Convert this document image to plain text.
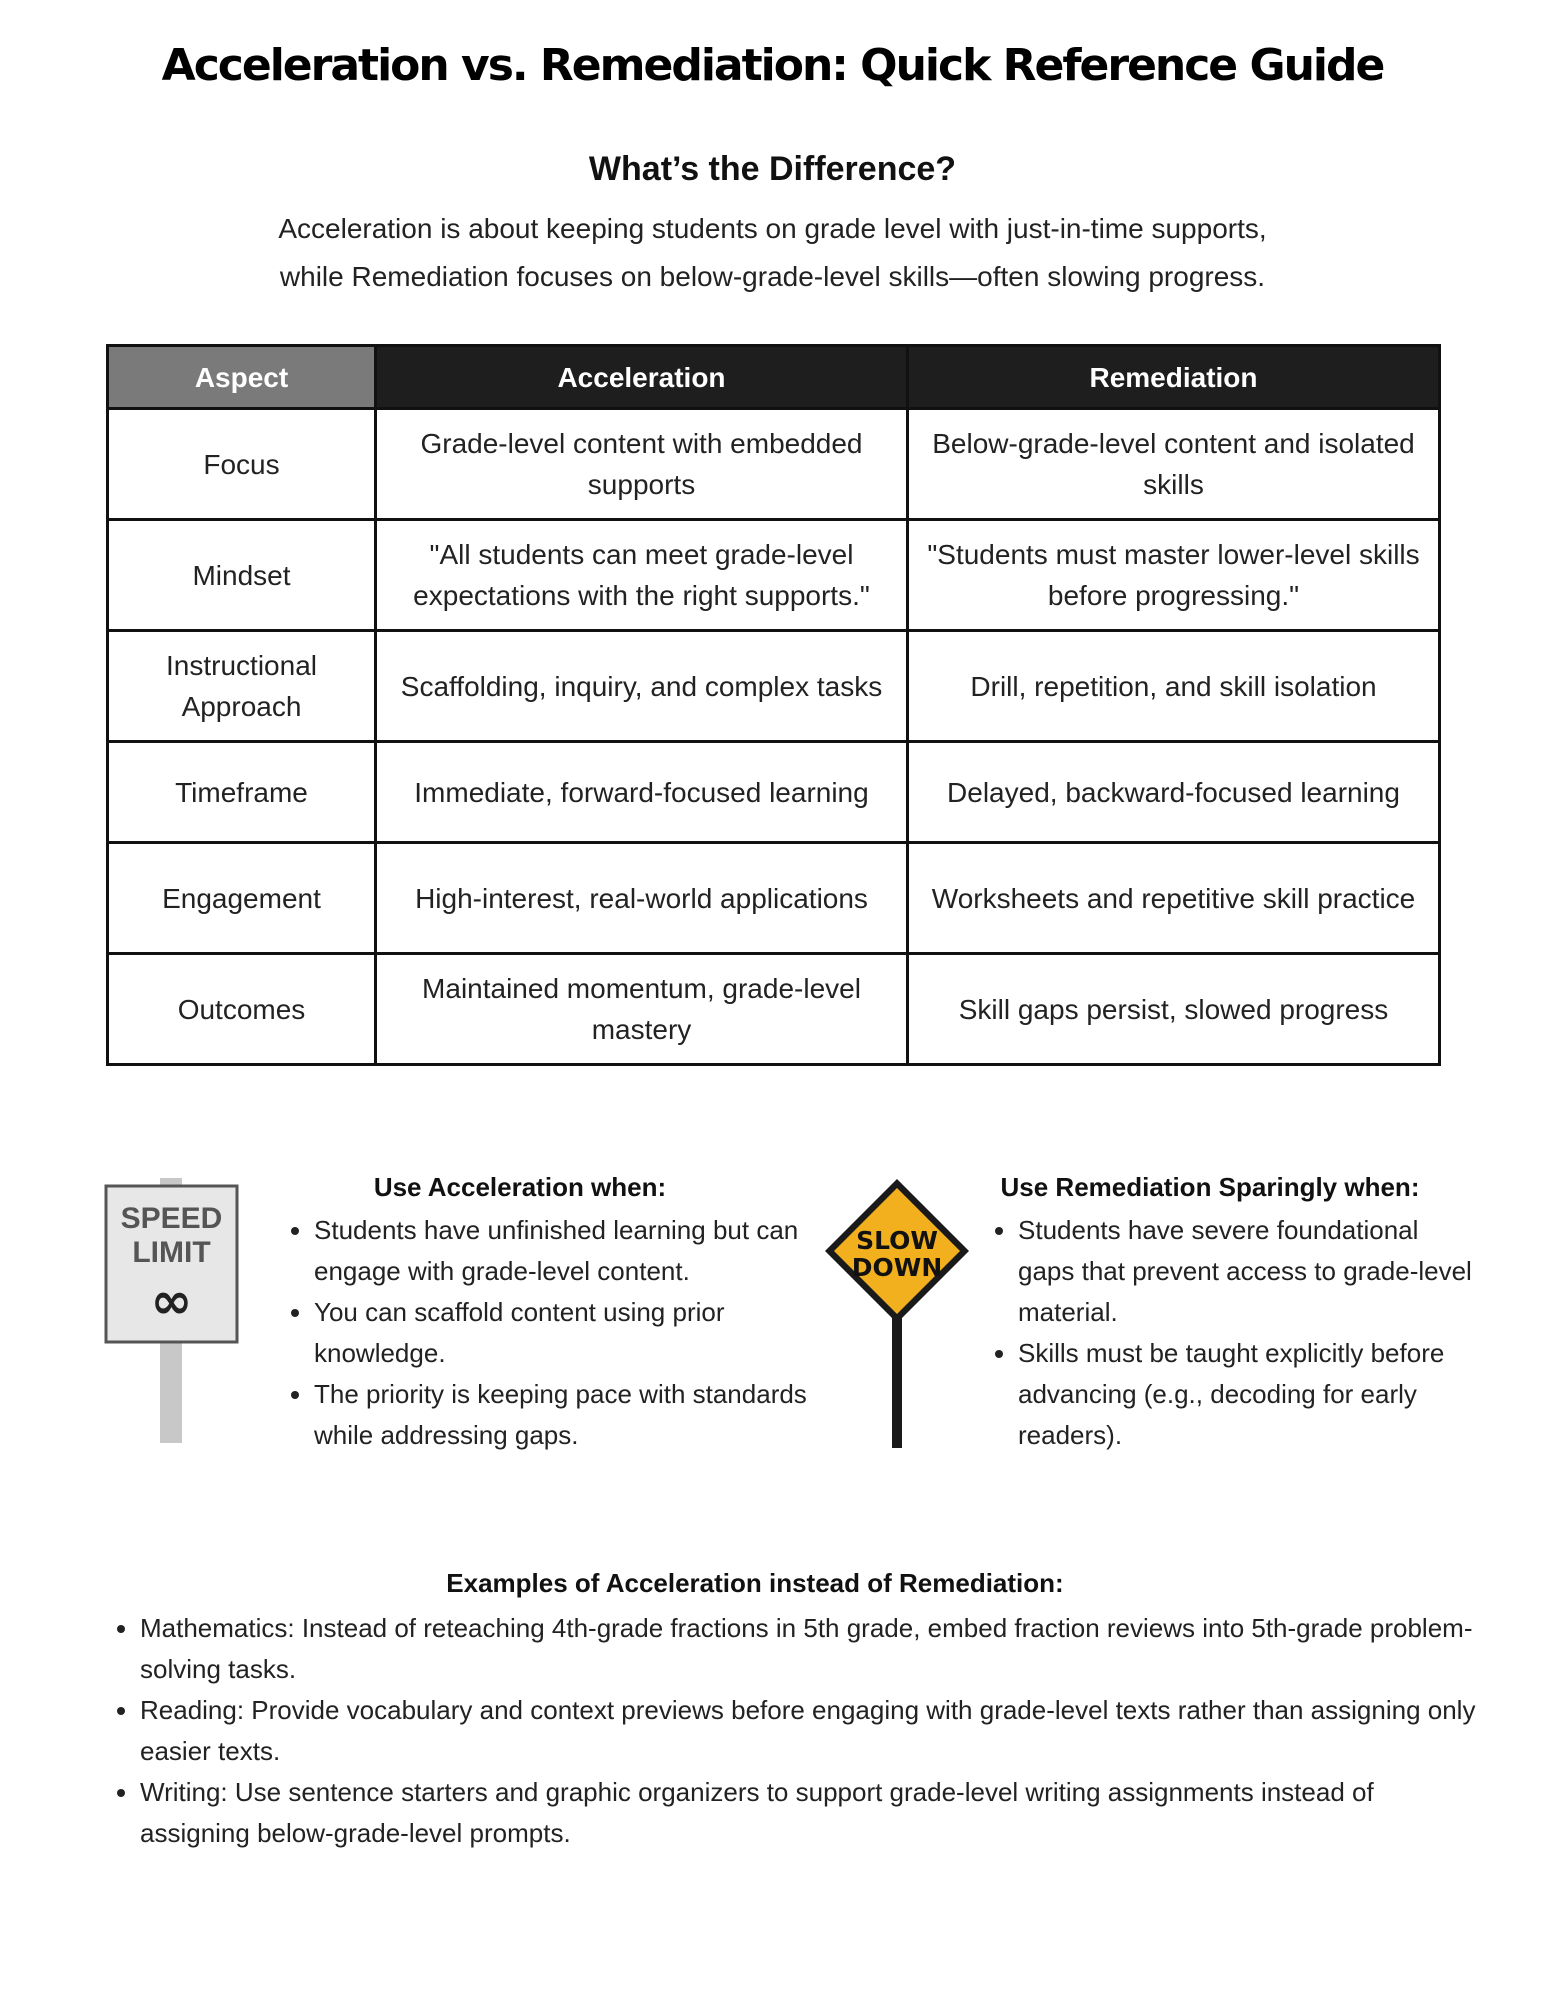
Acceleration vs. Remediation: Quick Reference Guide
What’s the Difference?
Acceleration is about keeping students on grade level with just-in-time supports,
while Remediation focuses on below-grade-level skills—often slowing progress.
Aspect	Acceleration	Remediation
Focus	Grade-level content with embedded supports	Below-grade-level content and isolated skills
Mindset	"All students can meet grade-level expectations with the right supports."	"Students must master lower-level skills before progressing."
Instructional Approach	Scaffolding, inquiry, and complex tasks	Drill, repetition, and skill isolation
Timeframe	Immediate, forward-focused learning	Delayed, backward-focused learning
Engagement	High-interest, real-world applications	Worksheets and repetitive skill practice
Outcomes	Maintained momentum, grade-level mastery	Skill gaps persist, slowed progress
SPEED
LIMIT
∞
SLOW
DOWN
Use Acceleration when:
• Students have unfinished learning but can engage with grade-level content.
• You can scaffold content using prior knowledge.
• The priority is keeping pace with standards while addressing gaps.
Use Remediation Sparingly when:
• Students have severe foundational gaps that prevent access to grade-level material.
• Skills must be taught explicitly before advancing (e.g., decoding for early readers).
Examples of Acceleration instead of Remediation:
• Mathematics: Instead of reteaching 4th-grade fractions in 5th grade, embed fraction reviews into 5th-grade problem-solving tasks.
• Reading: Provide vocabulary and context previews before engaging with grade-level texts rather than assigning only easier texts.
• Writing: Use sentence starters and graphic organizers to support grade-level writing assignments instead of assigning below-grade-level prompts.
